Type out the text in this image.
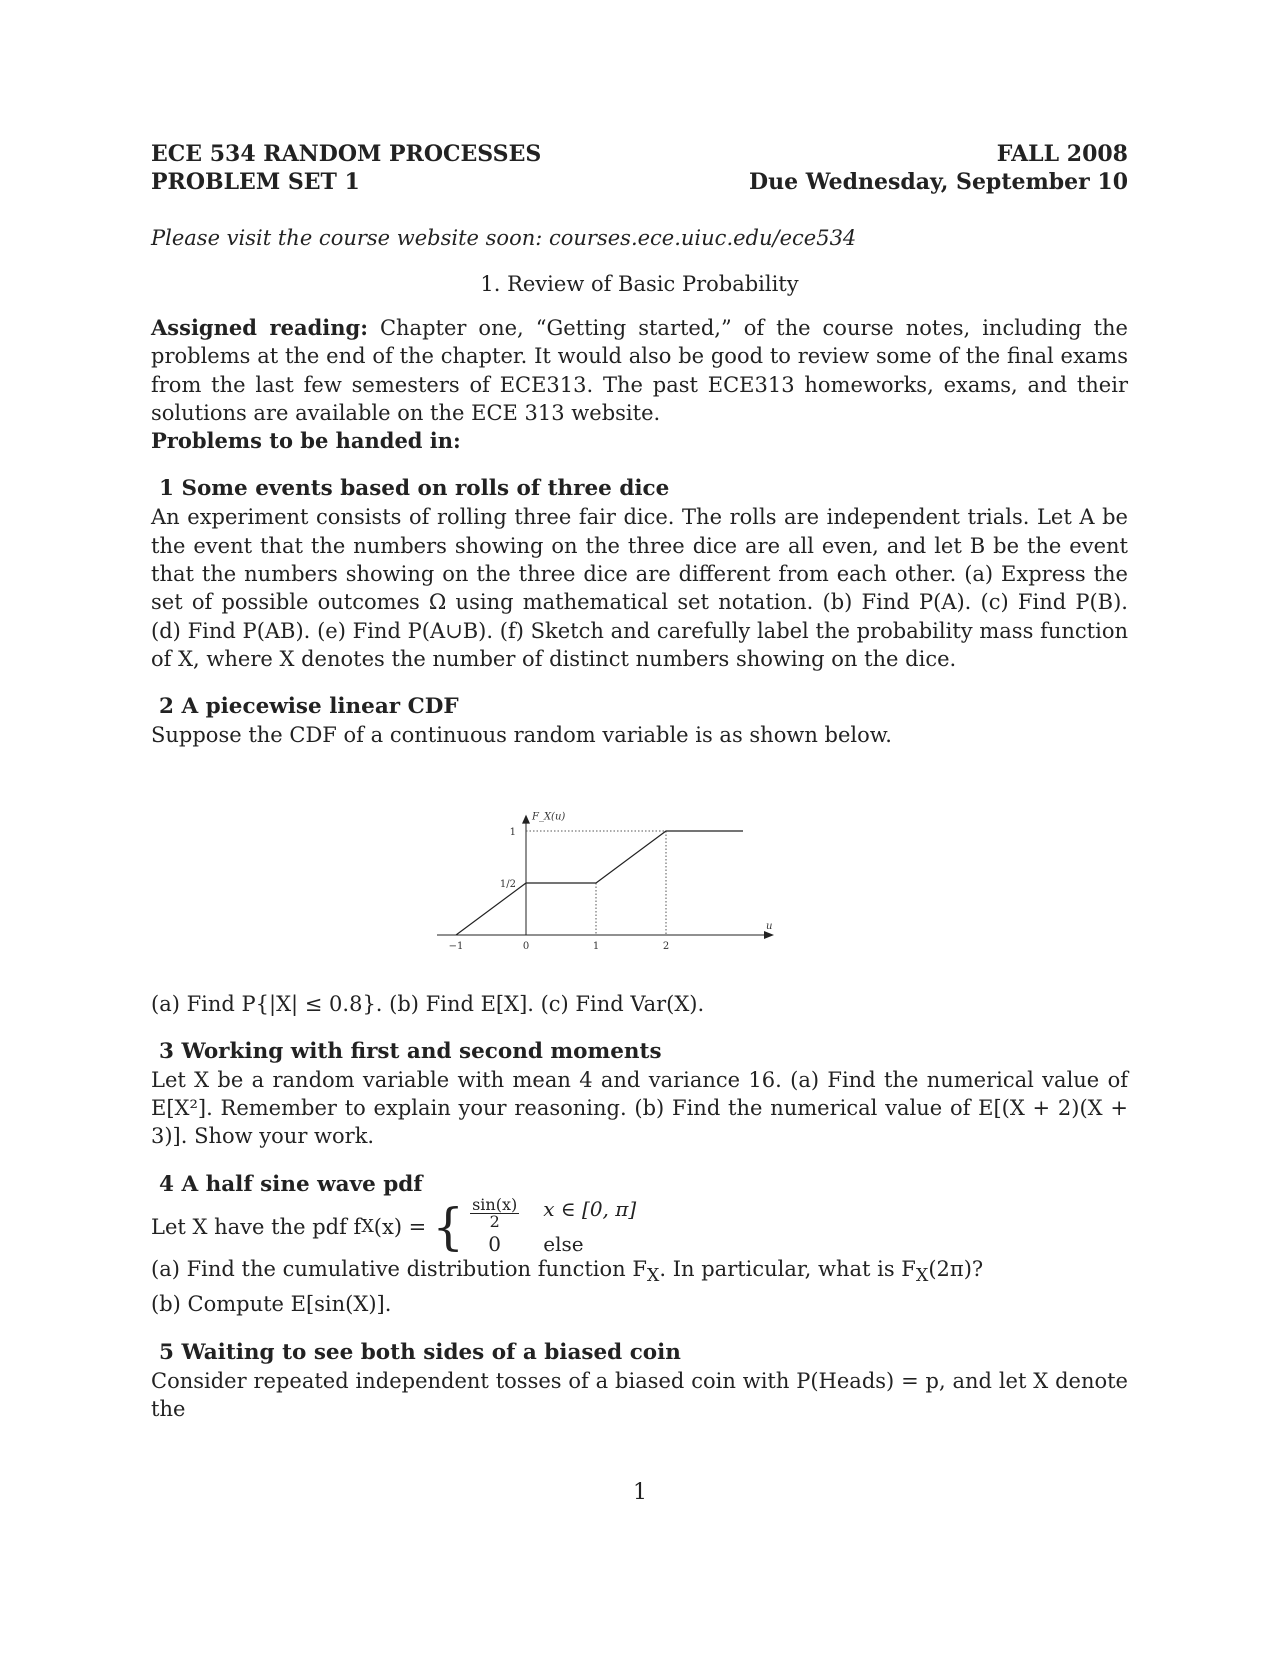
ECE 534 RANDOM PROCESSES
PROBLEM SET 1
FALL 2008
Due Wednesday, September 10
Please visit the course website soon: courses.ece.uiuc.edu/ece534
1. Review of Basic Probability

Assigned reading: Chapter one, “Getting started,” of the course notes, including the problems at the end of the chapter. It would also be good to review some of the final exams from the last few semesters of ECE313. The past ECE313 homeworks, exams, and their solutions are available on the ECE 313 website.

Problems to be handed in:

1 Some events based on rolls of three dice

An experiment consists of rolling three fair dice. The rolls are independent trials. Let A be the event that the numbers showing on the three dice are all even, and let B be the event that the numbers showing on the three dice are different from each other. (a) Express the set of possible outcomes Ω using mathematical set notation. (b) Find P(A). (c) Find P(B). (d) Find P(AB). (e) Find P(A∪B). (f) Sketch and carefully label the probability mass function of X, where X denotes the number of distinct numbers showing on the dice.

2 A piecewise linear CDF

Suppose the CDF of a continuous random variable is as shown below.

−1	0	1	2
1
1/2
F_X(u)
u

(a) Find P{|X| ≤ 0.8}. (b) Find E[X]. (c) Find Var(X).

3 Working with first and second moments

Let X be a random variable with mean 4 and variance 16. (a) Find the numerical value of E[X²]. Remember to explain your reasoning. (b) Find the numerical value of E[(X + 2)(X + 3)]. Show your work.

4 A half sine wave pdf
Let X have the pdf f X (x) = { $\frac{\sin(x)}{2}$ x ∈ [0, π]
0	else

(a) Find the cumulative distribution function $F_X$. In particular, what is $F_X(2\pi)$?

(b) Compute E[sin(X)].

5 Waiting to see both sides of a biased coin

Consider repeated independent tosses of a biased coin with P(Heads) = p, and let X denote the

1
